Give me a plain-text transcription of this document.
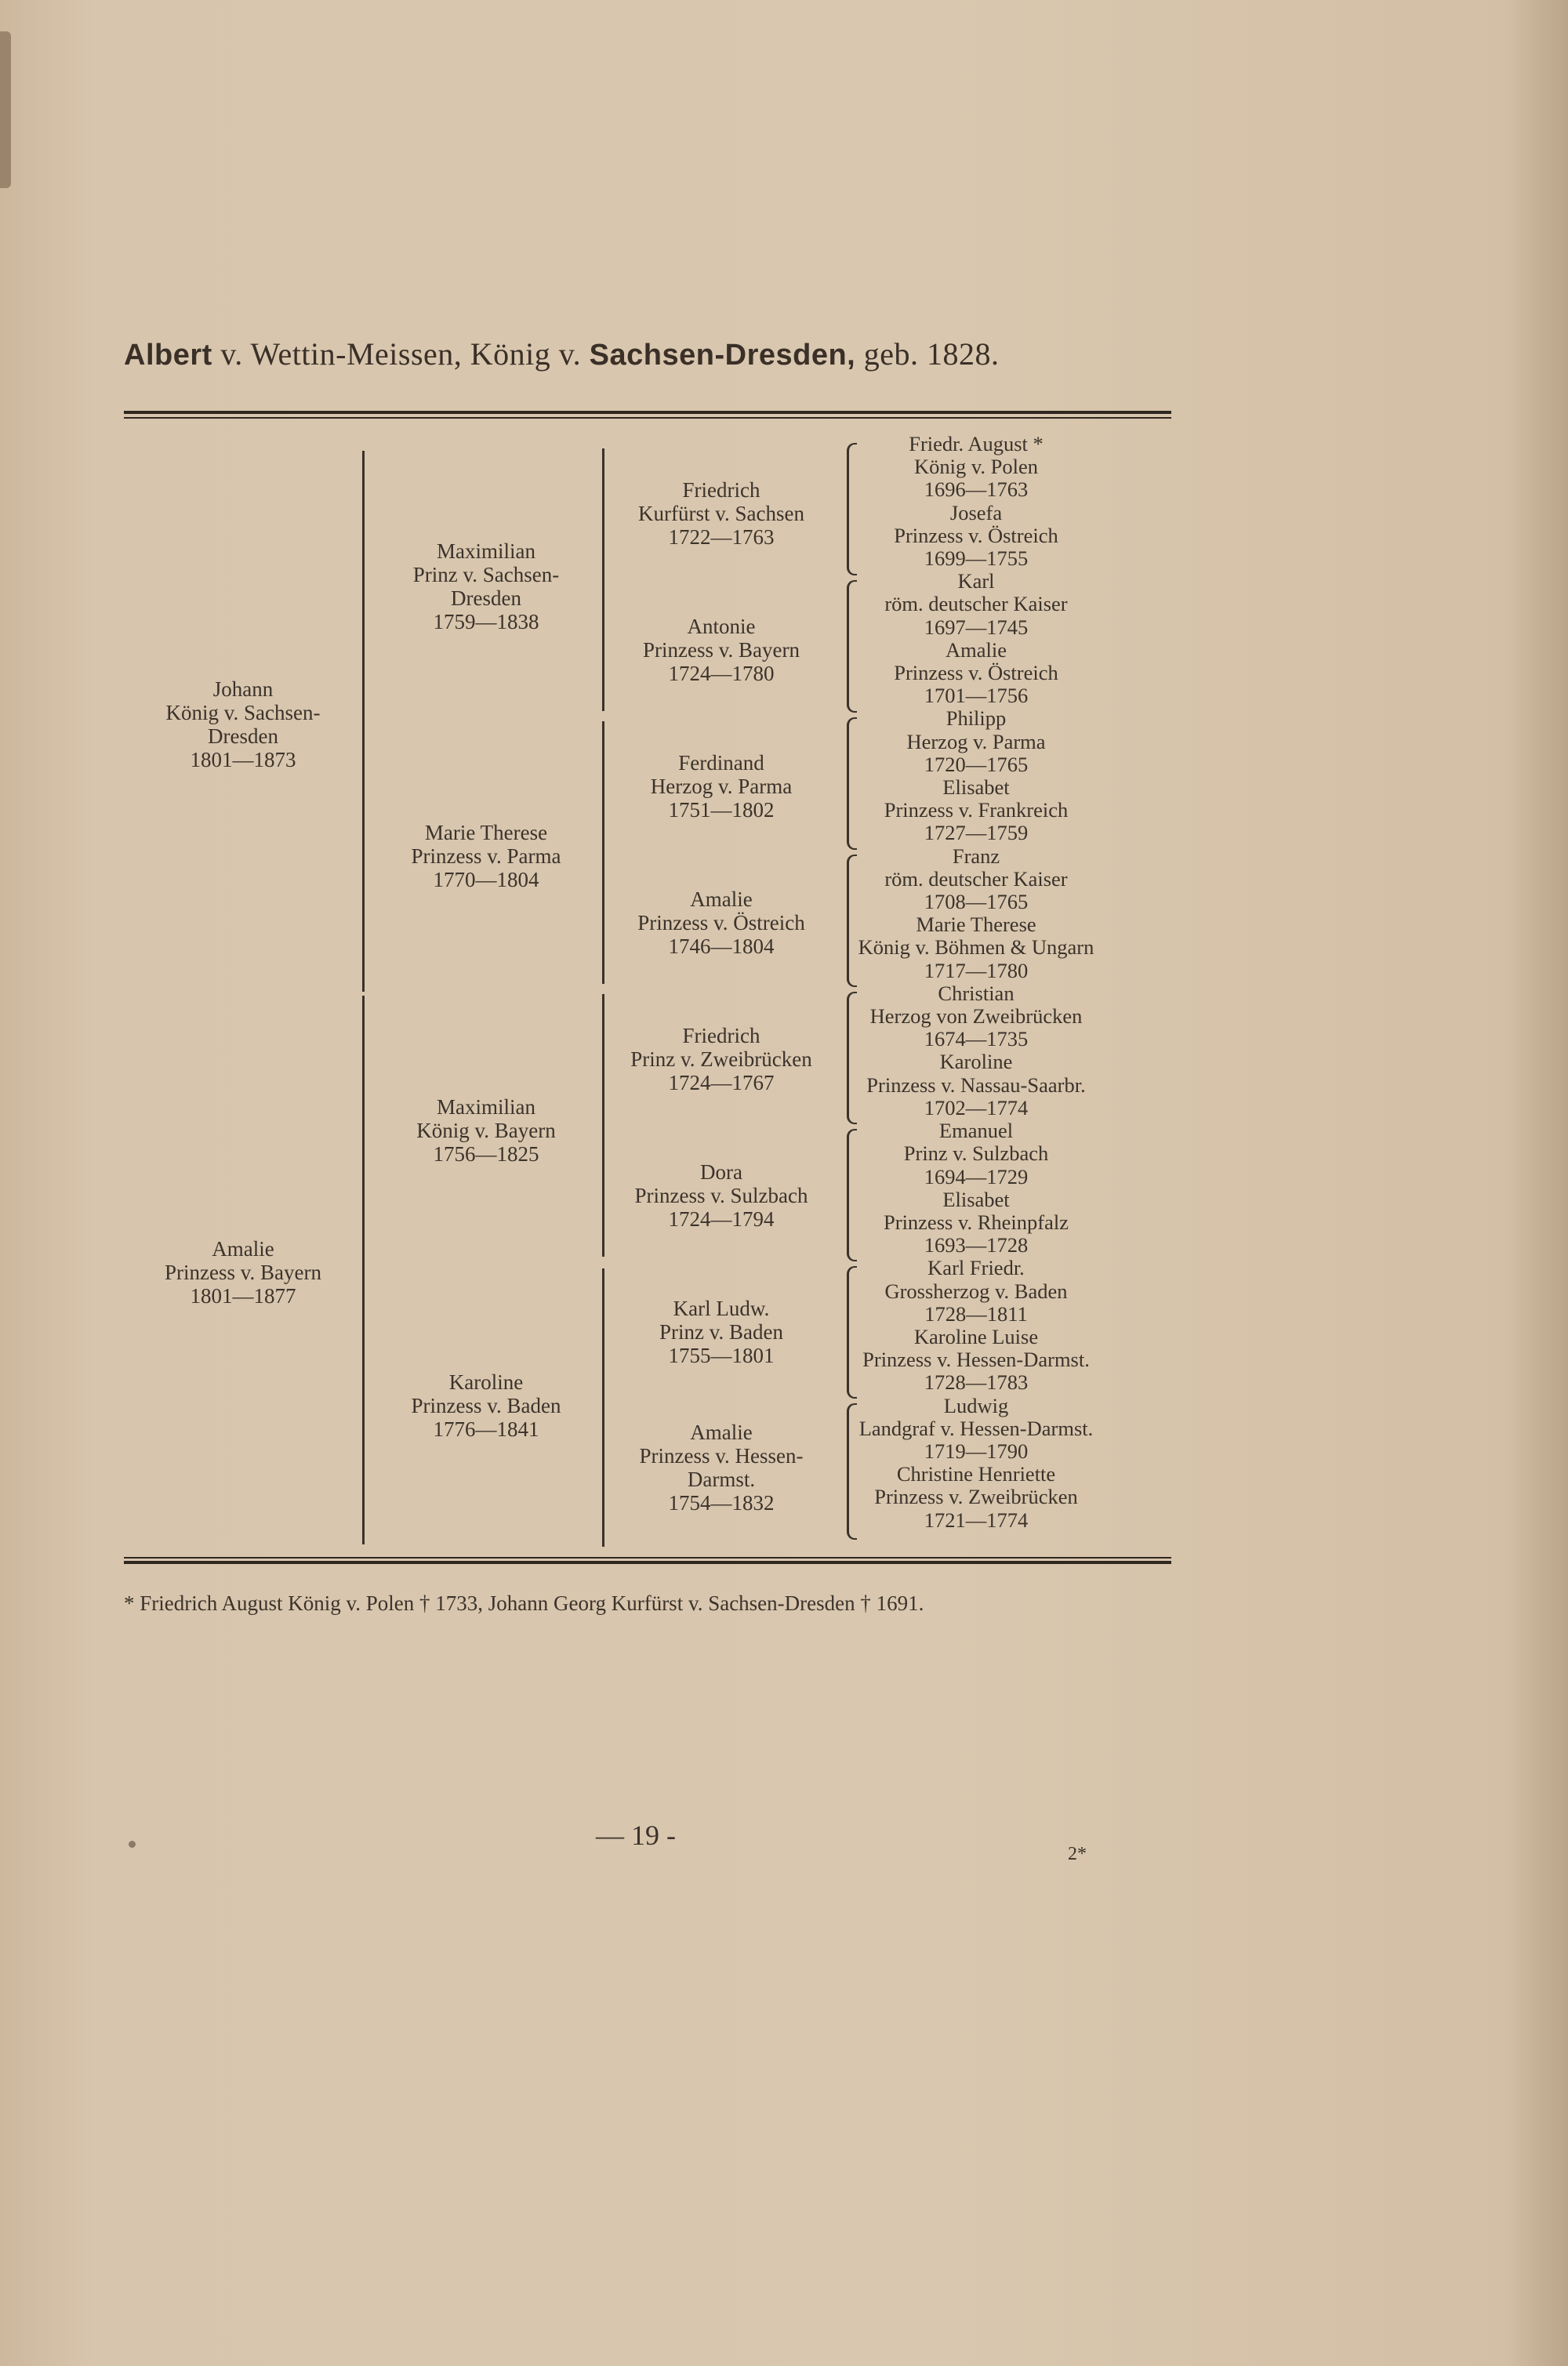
Albert v. Wettin-Meissen, König v. Sachsen-Dresden, geb. 1828.
Johann
König v. Sachsen-
Dresden
1801—1873
Amalie
Prinzess v. Bayern
1801—1877
Maximilian
Prinz v. Sachsen-
Dresden
1759—1838
Marie Therese
Prinzess v. Parma
1770—1804
Maximilian
König v. Bayern
1756—1825
Karoline
Prinzess v. Baden
1776—1841
Friedrich
Kurfürst v. Sachsen
1722—1763
Antonie
Prinzess v. Bayern
1724—1780
Ferdinand
Herzog v. Parma
1751—1802
Amalie
Prinzess v. Östreich
1746—1804
Friedrich
Prinz v. Zweibrücken
1724—1767
Dora
Prinzess v. Sulzbach
1724—1794
Karl Ludw.
Prinz v. Baden
1755—1801
Amalie
Prinzess v. Hessen-
Darmst.
1754—1832
Friedr. August *
König v. Polen
1696—1763
Josefa
Prinzess v. Östreich
1699—1755
Karl
röm. deutscher Kaiser
1697—1745
Amalie
Prinzess v. Östreich
1701—1756
Philipp
Herzog v. Parma
1720—1765
Elisabet
Prinzess v. Frankreich
1727—1759
Franz
röm. deutscher Kaiser
1708—1765
Marie Therese
König v. Böhmen & Ungarn
1717—1780
Christian
Herzog von Zweibrücken
1674—1735
Karoline
Prinzess v. Nassau-Saarbr.
1702—1774
Emanuel
Prinz v. Sulzbach
1694—1729
Elisabet
Prinzess v. Rheinpfalz
1693—1728
Karl Friedr.
Grossherzog v. Baden
1728—1811
Karoline Luise
Prinzess v. Hessen-Darmst.
1728—1783
Ludwig
Landgraf v. Hessen-Darmst.
1719—1790
Christine Henriette
Prinzess v. Zweibrücken
1721—1774
* Friedrich August König v. Polen † 1733, Johann Georg Kurfürst v. Sachsen-Dresden † 1691.
— 19 -
2*
